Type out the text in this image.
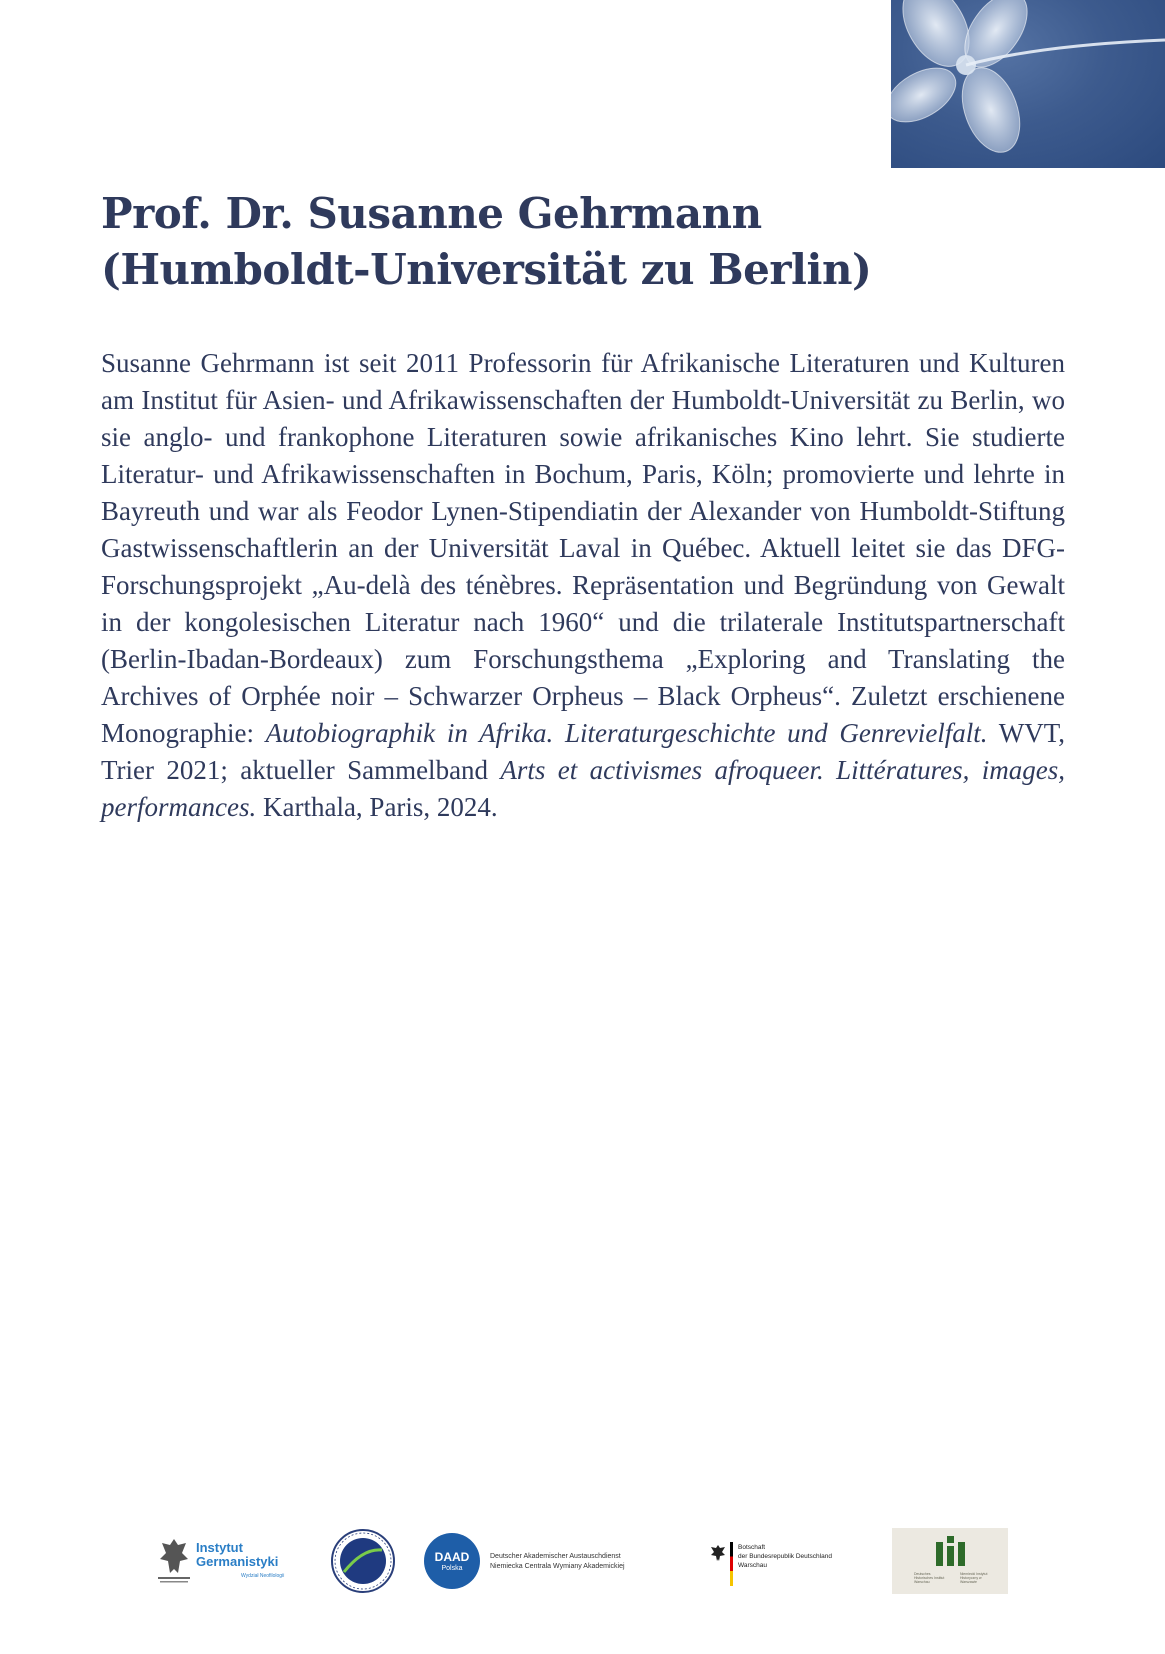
Prof. Dr. Susanne Gehrmann
(Humboldt-Universität zu Berlin)

Susanne Gehrmann ist seit 2011 Professorin für Afrikanische Literaturen und Kulturen am Institut für Asien- und Afrikawissenschaften der Humboldt-Universität zu Berlin, wo sie anglo- und frankophone Literaturen sowie afrikanisches Kino lehrt. Sie studierte Literatur- und Afrikawissenschaften in Bochum, Paris, Köln; promovierte und lehrte in Bayreuth und war als Feodor Lynen-Stipendiatin der Alexander von Humboldt-Stiftung Gastwissenschaftlerin an der Universität Laval in Québec. Aktuell leitet sie das DFG-Forschungsprojekt „Au-delà des ténèbres. Repräsentation und Begründung von Gewalt in der kongolesischen Literatur nach 1960“ und die trilaterale Institutspartnerschaft (Berlin-Ibadan-Bordeaux) zum Forschungsthema „Exploring and Translating the Archives of Orphée noir – Schwarzer Orpheus – Black Orpheus“. Zuletzt erschienene Monographie: Autobiographik in Afrika. Literaturgeschichte und Genrevielfalt. WVT, Trier 2021; aktueller Sammelband Arts et activismes afroqueer. Littératures, images, performances. Karthala, Paris, 2024.

Instytut
Germanistyki
Wydział Neofilologii
DAAD
Polska
Deutscher Akademischer Austauschdienst
Niemiecka Centrala Wymiany Akademickiej
Botschaft
der Bundesrepublik Deutschland
Warschau
Deutsches Historisches Institut Warschau
Niemiecki Instytut Historyczny w Warszawie
